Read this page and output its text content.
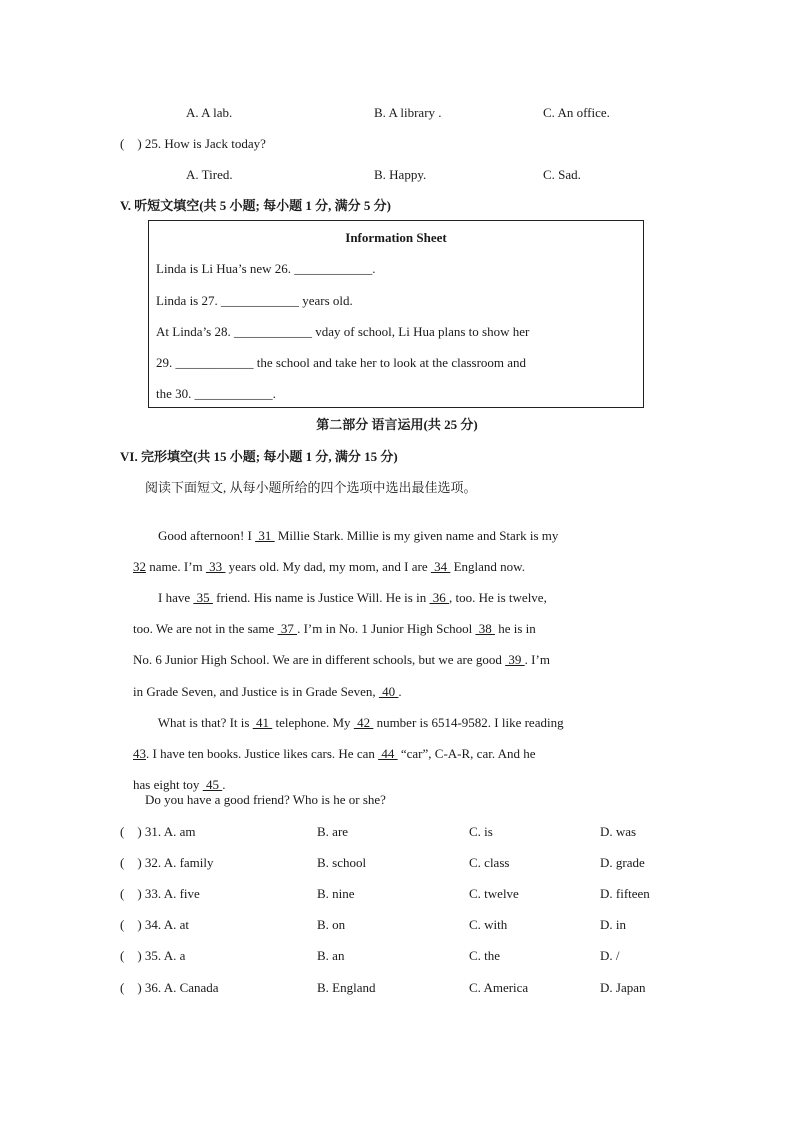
A. A lab.	B. A library .	C. An office.
(    ) 25. How is Jack today?
A. Tired.	B. Happy.	C. Sad.
V. 听短文填空(共 5 小题; 每小题 1 分, 满分 5 分)
Information Sheet
Linda is Li Hua’s new 26. ____________.
Linda is 27. ____________ years old.
At Linda’s 28. ____________ vday of school, Li Hua plans to show her
29. ____________ the school and take her to look at the classroom and
the 30. ____________.
第二部分 语言运用(共 25 分)
VI. 完形填空(共 15 小题; 每小题 1 分, 满分 15 分)
阅读下面短文, 从每小题所给的四个选项中选出最佳选项。

Good afternoon! I  31  Millie Stark. Millie is my given name and Stark is my

32 name. I’m  33  years old. My dad, my mom, and I are  34  England now.

I have  35  friend. His name is Justice Will. He is in  36 , too. He is twelve,

too. We are not in the same  37 . I’m in No. 1 Junior High School  38  he is in

No. 6 Junior High School. We are in different schools, but we are good  39 . I’m

in Grade Seven, and Justice is in Grade Seven,  40 .

What is that? It is  41  telephone. My  42  number is 6514-9582. I like reading

43. I have ten books. Justice likes cars. He can  44  “car”, C-A-R, car. And he

has eight toy  45 .

Do you have a good friend? Who is he or she?
(    ) 31. A. am	B. are	C. is	D. was
(    ) 32. A. family	B. school	C. class	D. grade
(    ) 33. A. five	B. nine	C. twelve	D. fifteen
(    ) 34. A. at	B. on	C. with	D. in
(    ) 35. A. a	B. an	C. the	D. /
(    ) 36. A. Canada	B. England	C. America	D. Japan
